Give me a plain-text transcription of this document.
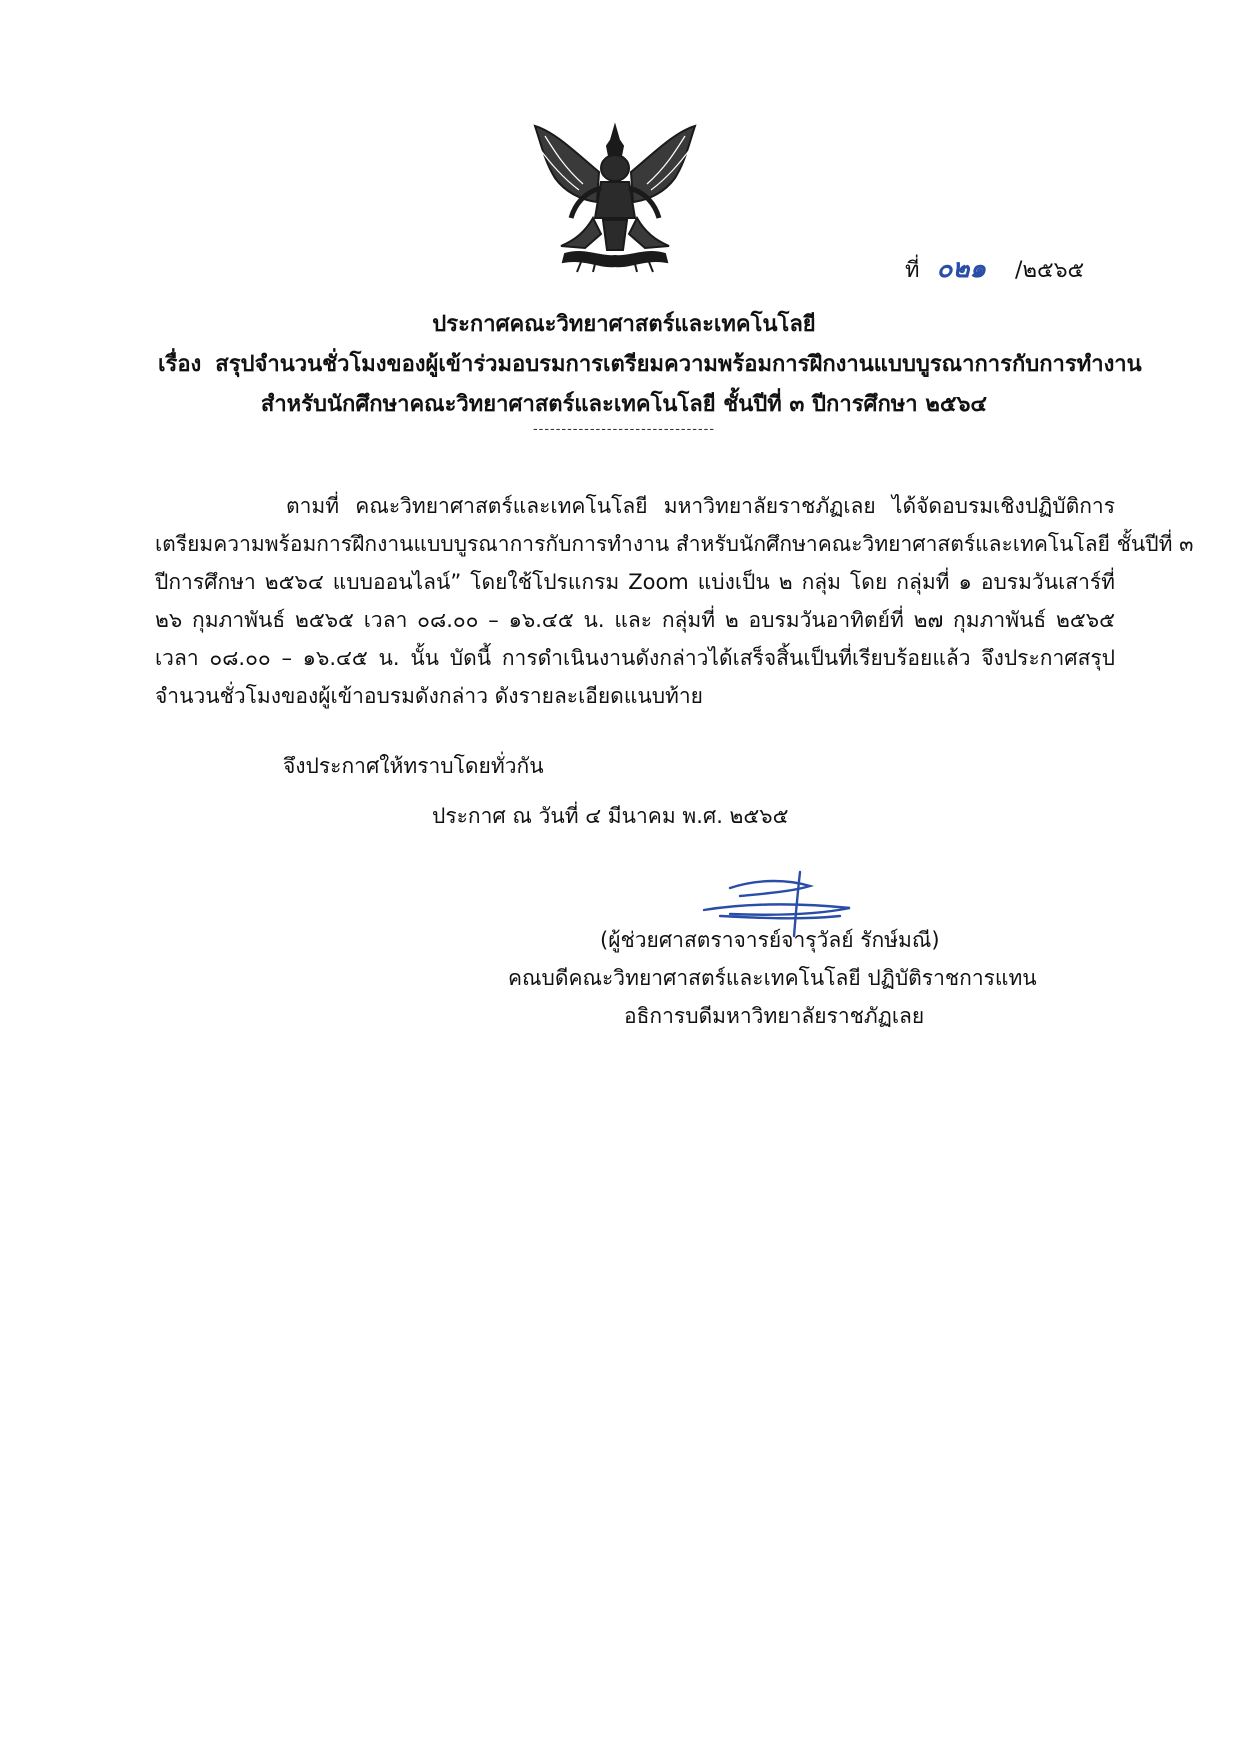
ที่ ๐๒๑ /๒๕๖๕
ประกาศคณะวิทยาศาสตร์และเทคโนโลยี
เรื่อง สรุปจำนวนชั่วโมงของผู้เข้าร่วมอบรมการเตรียมความพร้อมการฝึกงานแบบบูรณาการกับการทำงาน
สำหรับนักศึกษาคณะวิทยาศาสตร์และเทคโนโลยี ชั้นปีที่ ๓ ปีการศึกษา ๒๕๖๔
--------------------------------
ตามที่ คณะวิทยาศาสตร์และเทคโนโลยี มหาวิทยาลัยราชภัฏเลย ได้จัดอบรมเชิงปฏิบัติการ
เตรียมความพร้อมการฝึกงานแบบบูรณาการกับการทำงาน สำหรับนักศึกษาคณะวิทยาศาสตร์และเทคโนโลยี ชั้นปีที่ ๓
ปีการศึกษา ๒๕๖๔ แบบออนไลน์” โดยใช้โปรแกรม Zoom แบ่งเป็น ๒ กลุ่ม โดย กลุ่มที่ ๑ อบรมวันเสาร์ที่
๒๖ กุมภาพันธ์ ๒๕๖๕ เวลา ๐๘.๐๐ – ๑๖.๔๕ น. และ กลุ่มที่ ๒ อบรมวันอาทิตย์ที่ ๒๗ กุมภาพันธ์ ๒๕๖๕
เวลา ๐๘.๐๐ – ๑๖.๔๕ น. นั้น บัดนี้ การดำเนินงานดังกล่าวได้เสร็จสิ้นเป็นที่เรียบร้อยแล้ว จึงประกาศสรุป
จำนวนชั่วโมงของผู้เข้าอบรมดังกล่าว ดังรายละเอียดแนบท้าย
จึงประกาศให้ทราบโดยทั่วกัน
ประกาศ ณ วันที่ ๔ มีนาคม พ.ศ. ๒๕๖๕
(ผู้ช่วยศาสตราจารย์จารุวัลย์ รักษ์มณี)
คณบดีคณะวิทยาศาสตร์และเทคโนโลยี ปฏิบัติราชการแทน
อธิการบดีมหาวิทยาลัยราชภัฏเลย
